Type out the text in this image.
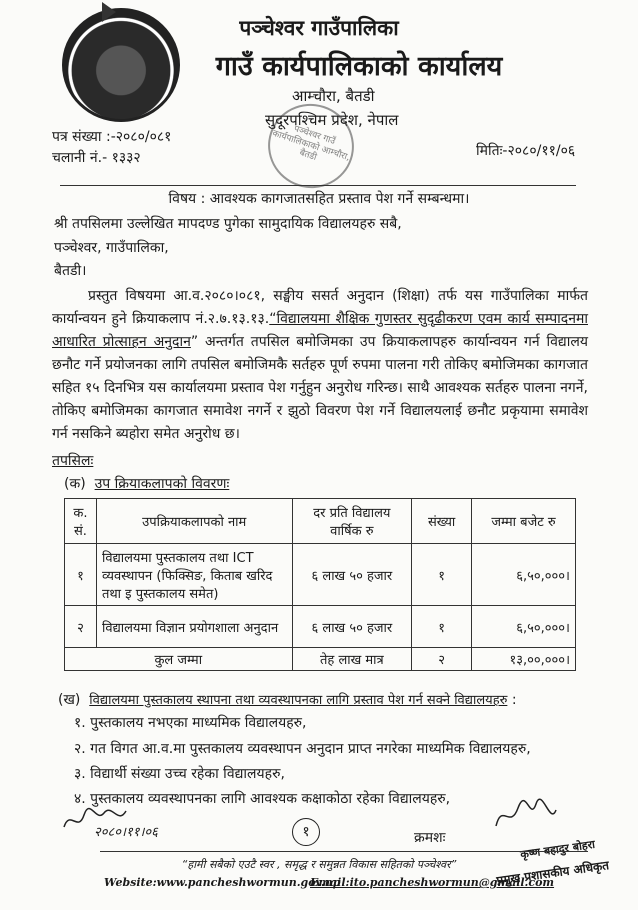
पञ्चेश्वर गाउँपालिका
गाउँ कार्यपालिकाको कार्यालय
आम्चौरा, बैतडी
सुदूरपश्चिम प्रदेश, नेपाल
पञ्चेश्वर गाउँ कार्यपालिकाको आम्चौरा, बैतडी
पत्र संख्या :-२०८०/०८१
चलानी नं.- १३३२	मितिः-२०८०/११/०६
विषय : आवश्यक कागजातसहित प्रस्ताव पेश गर्ने सम्बन्धमा।
श्री तपसिलमा उल्लेखित मापदण्ड पुगेका सामुदायिक विद्यालयहरु सबै,
पञ्चेश्वर, गाउँपालिका,
बैतडी।
प्रस्तुत विषयमा आ.व.२०८०।०८१, सङ्घीय ससर्त अनुदान (शिक्षा) तर्फ यस गाउँपालिका मार्फत कार्यान्वयन हुने क्रियाकलाप नं.२.७.१३.१३.“विद्यालयमा शैक्षिक गुणस्तर सुदृढीकरण एवम कार्य सम्पादनमा आधारित प्रोत्साहन अनुदान” अन्तर्गत तपसिल बमोजिमका उप क्रियाकलापहरु कार्यान्वयन गर्न विद्यालय छनौट गर्ने प्रयोजनका लागि तपसिल बमोजिमकै सर्तहरु पूर्ण रुपमा पालना गरी तोकिए बमोजिमका कागजात सहित १५ दिनभित्र यस कार्यालयमा प्रस्ताव पेश गर्नुहुन अनुरोध गरिन्छ। साथै आवश्यक सर्तहरु पालना नगर्ने, तोकिए बमोजिमका कागजात समावेश नगर्ने र झुठो विवरण पेश गर्ने विद्यालयलाई छनौट प्रकृयामा समावेश गर्न नसकिने ब्यहोरा समेत अनुरोध छ।
तपसिलः
(क) उप क्रियाकलापको विवरणः
क. सं.	उपक्रियाकलापको नाम	दर प्रति विद्यालय वार्षिक रु	संख्या	जम्मा बजेट रु
१	विद्यालयमा पुस्तकालय तथा ICT व्यवस्थापन (फिक्सिङ, किताब खरिद तथा इ पुस्तकालय समेत)	६ लाख ५० हजार	१	६,५०,०००।
२	विद्यालयमा विज्ञान प्रयोगशाला अनुदान	६ लाख ५० हजार	१	६,५०,०००।
कुल जम्मा		तेह लाख मात्र	२	१३,००,०००।
(ख) विद्यालयमा पुस्तकालय स्थापना तथा व्यवस्थापनका लागि प्रस्ताव पेश गर्न सक्ने विद्यालयहरु :
१. पुस्तकालय नभएका माध्यमिक विद्यालयहरु,
२. गत विगत आ.व.मा पुस्तकालय व्यवस्थापन अनुदान प्राप्त नगरेका माध्यमिक विद्यालयहरु,
३. विद्यार्थी संख्या उच्च रहेका विद्यालयहरु,
४. पुस्तकालय व्यवस्थापनका लागि आवश्यक कक्षाकोठा रहेका विद्यालयहरु,
२०८०।११।०६	१	क्रमशः	कृष्ण बहादुर बोहरा
प्रमुख प्रशासकीय अधिकृत
“हामी सबैको एउटै स्वर , समृद्ध र समुन्नत विकास सहितको पञ्चेश्वर”
Website:www.pancheshwormun.gov.np
Email:ito.pancheshwormun@gmail.com
